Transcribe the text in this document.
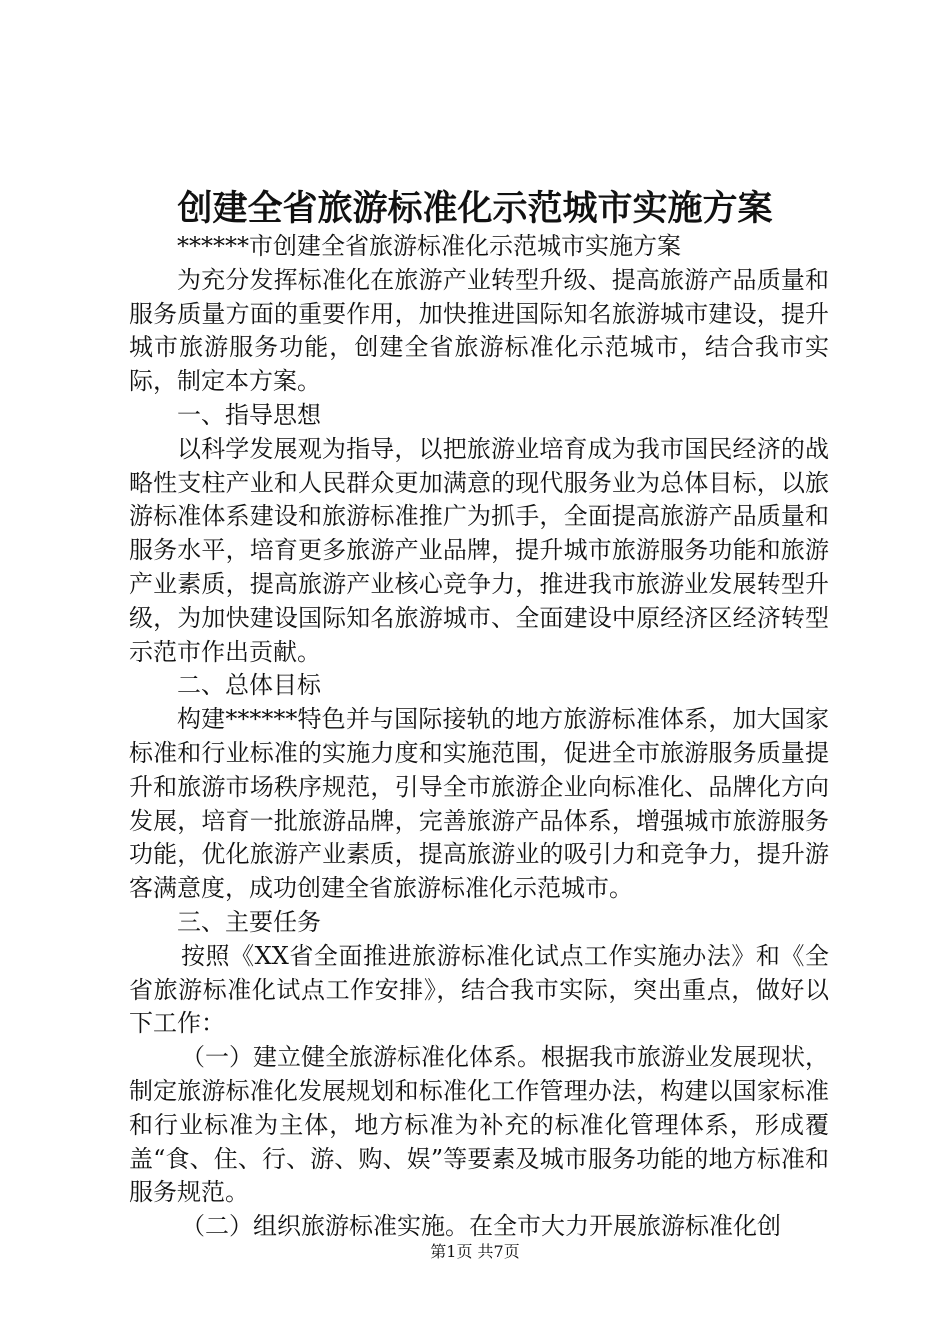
创建全省旅游标准化示范城市实施方案

******市创建全省旅游标准化示范城市实施方案

为充分发挥标准化在旅游产业转型升级、提高旅游产品质量和服务质量方面的重要作用，加快推进国际知名旅游城市建设，提升城市旅游服务功能，创建全省旅游标准化示范城市，结合我市实际，制定本方案。

一、指导思想

以科学发展观为指导，以把旅游业培育成为我市国民经济的战略性支柱产业和人民群众更加满意的现代服务业为总体目标，以旅游标准体系建设和旅游标准推广为抓手，全面提高旅游产品质量和服务水平，培育更多旅游产业品牌，提升城市旅游服务功能和旅游产业素质，提高旅游产业核心竞争力，推进我市旅游业发展转型升级，为加快建设国际知名旅游城市、全面建设中原经济区经济转型示范市作出贡献。

二、总体目标

构建******特色并与国际接轨的地方旅游标准体系，加大国家标准和行业标准的实施力度和实施范围，促进全市旅游服务质量提升和旅游市场秩序规范，引导全市旅游企业向标准化、品牌化方向发展，培育一批旅游品牌，完善旅游产品体系，增强城市旅游服务功能，优化旅游产业素质，提高旅游业的吸引力和竞争力，提升游客满意度，成功创建全省旅游标准化示范城市。

三、主要任务

按照《XX省全面推进旅游标准化试点工作实施办法》和《全省旅游标准化试点工作安排》，结合我市实际，突出重点，做好以下工作：

（一）建立健全旅游标准化体系。根据我市旅游业发展现状，制定旅游标准化发展规划和标准化工作管理办法，构建以国家标准和行业标准为主体，地方标准为补充的标准化管理体系，形成覆盖“食、住、行、游、购、娱”等要素及城市服务功能的地方标准和服务规范。

（二）组织旅游标准实施。在全市大力开展旅游标准化创

第1页 共7页
